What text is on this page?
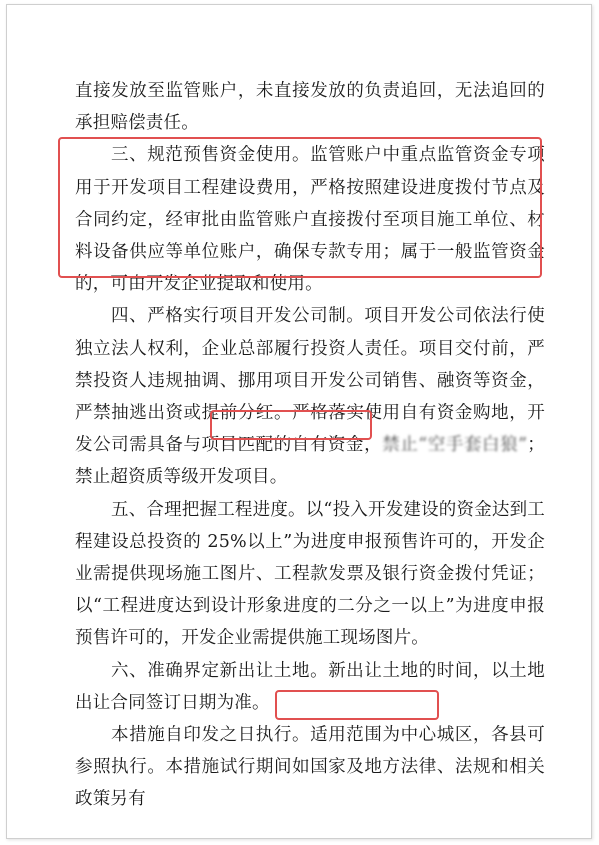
直接发放至监管账户，未直接发放的负责追回，无法追回的承担赔偿责任。

三、规范预售资金使用。监管账户中重点监管资金专项用于开发项目工程建设费用，严格按照建设进度拨付节点及合同约定，经审批由监管账户直接拨付至项目施工单位、材料设备供应等单位账户，确保专款专用；属于一般监管资金的，可由开发企业提取和使用。

四、严格实行项目开发公司制。项目开发公司依法行使独立法人权利，企业总部履行投资人责任。项目交付前，严禁投资人违规抽调、挪用项目开发公司销售、融资等资金，严禁抽逃出资或提前分红。严格落实使用自有资金购地，开发公司需具备与项目匹配的自有资金，禁止“空手套白狼”；禁止超资质等级开发项目。

五、合理把握工程进度。以“投入开发建设的资金达到工程建设总投资的 25%以上”为进度申报预售许可的，开发企业需提供现场施工图片、工程款发票及银行资金拨付凭证；以“工程进度达到设计形象进度的二分之一以上”为进度申报预售许可的，开发企业需提供施工现场图片。

六、准确界定新出让土地。新出让土地的时间，以土地出让合同签订日期为准。

本措施自印发之日执行。适用范围为中心城区，各县可参照执行。本措施试行期间如国家及地方法律、法规和相关政策另有
